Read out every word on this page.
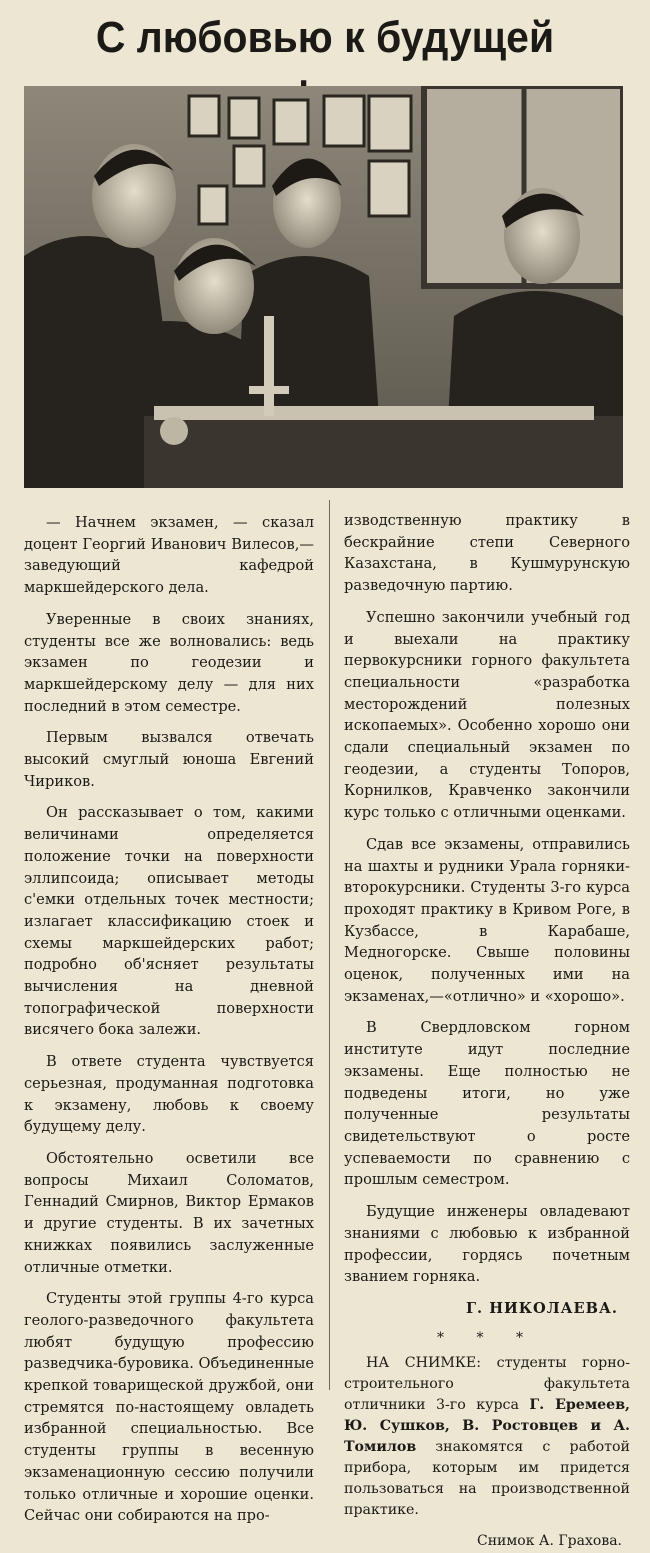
С любовью к будущей

— Начнем экзамен, — сказал доцент Георгий Иванович Вилесов,—заведующий кафедрой маркшейдерского дела.

Уверенные в своих знаниях, студенты все же волновались: ведь экзамен по геодезии и маркшейдерскому делу — для них последний в этом семестре.

Первым вызвался отвечать высокий смуглый юноша Евгений Чириков.

Он рассказывает о том, какими величинами определяется положение точки на поверхности эллипсоида; описывает методы с'емки отдельных точек местности; излагает классификацию стоек и схемы маркшейдерских работ; подробно об'ясняет результаты вычисления на дневной топографической поверхности висячего бока залежи.

В ответе студента чувствуется серьезная, продуманная подготовка к экзамену, любовь к своему будущему делу.

Обстоятельно осветили все вопросы Михаил Соломатов, Геннадий Смирнов, Виктор Ермаков и другие студенты. В их зачетных книжках появились заслуженные отличные отметки.

Студенты этой группы 4-го курса геолого-разведочного факультета любят будущую профессию разведчика-буровика. Объединенные крепкой товарищеской дружбой, они стремятся по-настоящему овладеть избранной специальностью. Все студенты группы в весенную экзаменационную сессию получили только отличные и хорошие оценки. Сейчас они собираются на про-

изводственную практику в бескрайние степи Северного Казахстана, в Кушмурунскую разведочную партию.

Успешно закончили учебный год и выехали на практику первокурсники горного факультета специальности «разработка месторождений полезных ископаемых». Особенно хорошо они сдали специальный экзамен по геодезии, а студенты Топоров, Корнилков, Кравченко закончили курс только с отличными оценками.

Сдав все экзамены, отправились на шахты и рудники Урала горняки-второкурсники. Студенты 3-го курса проходят практику в Кривом Роге, в Кузбассе, в Карабаше, Медногорске. Свыше половины оценок, полученных ими на экзаменах,—«отлично» и «хорошо».

В Свердловском горном институте идут последние экзамены. Еще полностью не подведены итоги, но уже полученные результаты свидетельствуют о росте успеваемости по сравнению с прошлым семестром.

Будущие инженеры овладевают знаниями с любовью к избранной профессии, гордясь почетным званием горняка.

Г. НИКОЛАЕВА.
* * *

НА СНИМКЕ: студенты горно-строительного факультета отличники 3-го курса Г. Еремеев, Ю. Сушков, В. Ростовцев и А. Томилов знакомятся с работой прибора, которым им придется пользоваться на производственной практике.

Снимок А. Грахова.
